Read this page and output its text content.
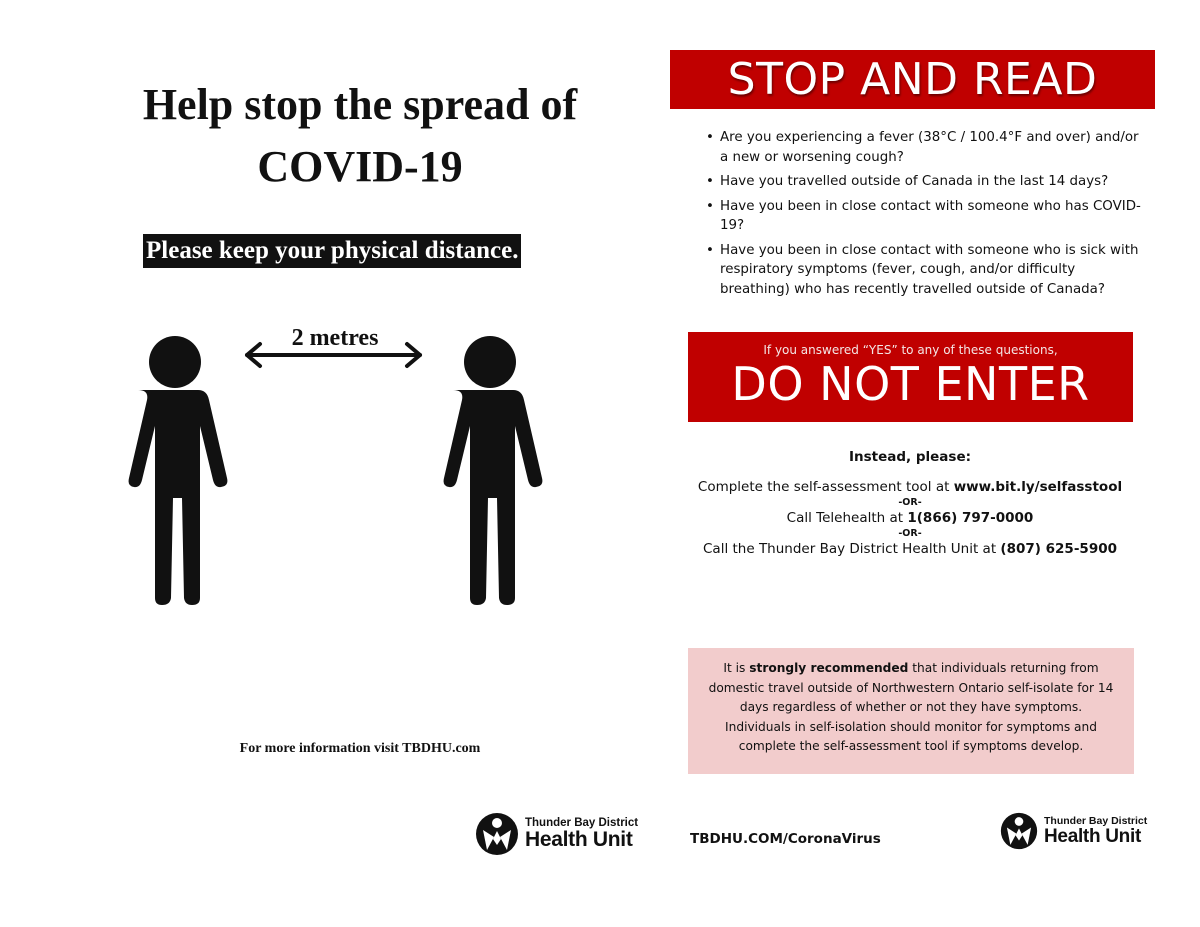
Help stop the spread of
COVID-19
Please keep your physical distance.
2 metres
For more information visit TBDHU.com
STOP AND READ
• Are you experiencing a fever (38°C / 100.4°F and over) and/or a new or worsening cough?
• Have you travelled outside of Canada in the last 14 days?
• Have you been in close contact with someone who has COVID-19?
• Have you been in close contact with someone who is sick with respiratory symptoms (fever, cough, and/or difficulty breathing) who has recently travelled outside of Canada?
If you answered “YES” to any of these questions,
DO NOT ENTER
Instead, please:
Complete the self-assessment tool at www.bit.ly/selfasstool
-OR-
Call Telehealth at 1(866) 797-0000
-OR-
Call the Thunder Bay District Health Unit at (807) 625-5900
It is strongly recommended that individuals returning from domestic travel outside of Northwestern Ontario self-isolate for 14 days regardless of whether or not they have symptoms. Individuals in self-isolation should monitor for symptoms and complete the self-assessment tool if symptoms develop.
Thunder Bay District
Health Unit	TBDHU.COM/CoronaVirus
Thunder Bay District
Health Unit
